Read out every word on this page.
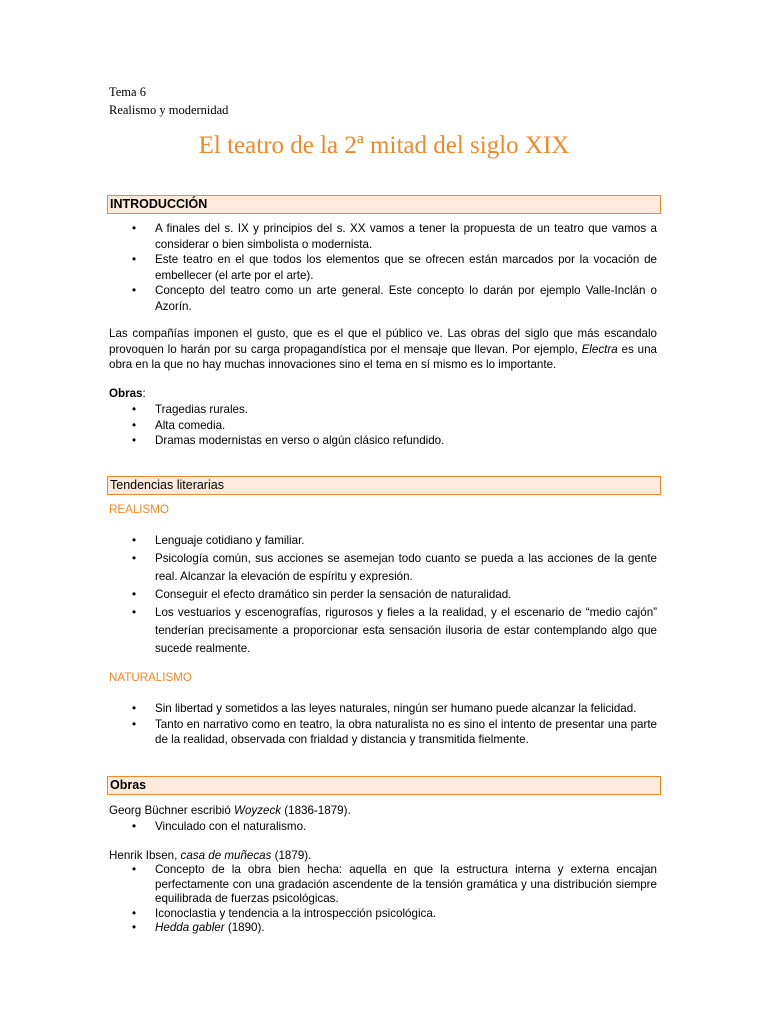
Tema 6
Realismo y modernidad
El teatro de la 2ª mitad del siglo XIX
INTRODUCCIÓN
• A finales del s. IX y principios del s. XX vamos a tener la propuesta de un teatro que vamos a considerar o bien simbolista o modernista.
• Este teatro en el que todos los elementos que se ofrecen están marcados por la vocación de embellecer (el arte por el arte).
• Concepto del teatro como un arte general. Este concepto lo darán por ejemplo Valle-Inclán o Azorín.

Las compañías imponen el gusto, que es el que el público ve. Las obras del siglo que más escandalo provoquen lo harán por su carga propagandística por el mensaje que llevan. Por ejemplo, Electra es una obra en la que no hay muchas innovaciones sino el tema en sí mismo es lo importante.

Obras:
• Tragedias rurales.
• Alta comedia.
• Dramas modernistas en verso o algún clásico refundido.
Tendencias literarias
REALISMO
• Lenguaje cotidiano y familiar.
• Psicología común, sus acciones se asemejan todo cuanto se pueda a las acciones de la gente real. Alcanzar la elevación de espíritu y expresión.
• Conseguir el efecto dramático sin perder la sensación de naturalidad.
• Los vestuarios y escenografías, rigurosos y fieles a la realidad, y el escenario de “medio cajón” tenderían precisamente a proporcionar esta sensación ilusoria de estar contemplando algo que sucede realmente.
NATURALISMO
• Sin libertad y sometidos a las leyes naturales, ningún ser humano puede alcanzar la felicidad.
• Tanto en narrativo como en teatro, la obra naturalista no es sino el intento de presentar una parte de la realidad, observada con frialdad y distancia y transmitida fielmente.
Obras
Georg Büchner escribió Woyzeck (1836-1879).
• Vinculado con el naturalismo.
Henrik Ibsen, casa de muñecas (1879).
• Concepto de la obra bien hecha: aquella en que la estructura interna y externa encajan perfectamente con una gradación ascendente de la tensión gramática y una distribución siempre equilibrada de fuerzas psicológicas.
• Iconoclastia y tendencia a la introspección psicológica.
• Hedda gabler (1890).
